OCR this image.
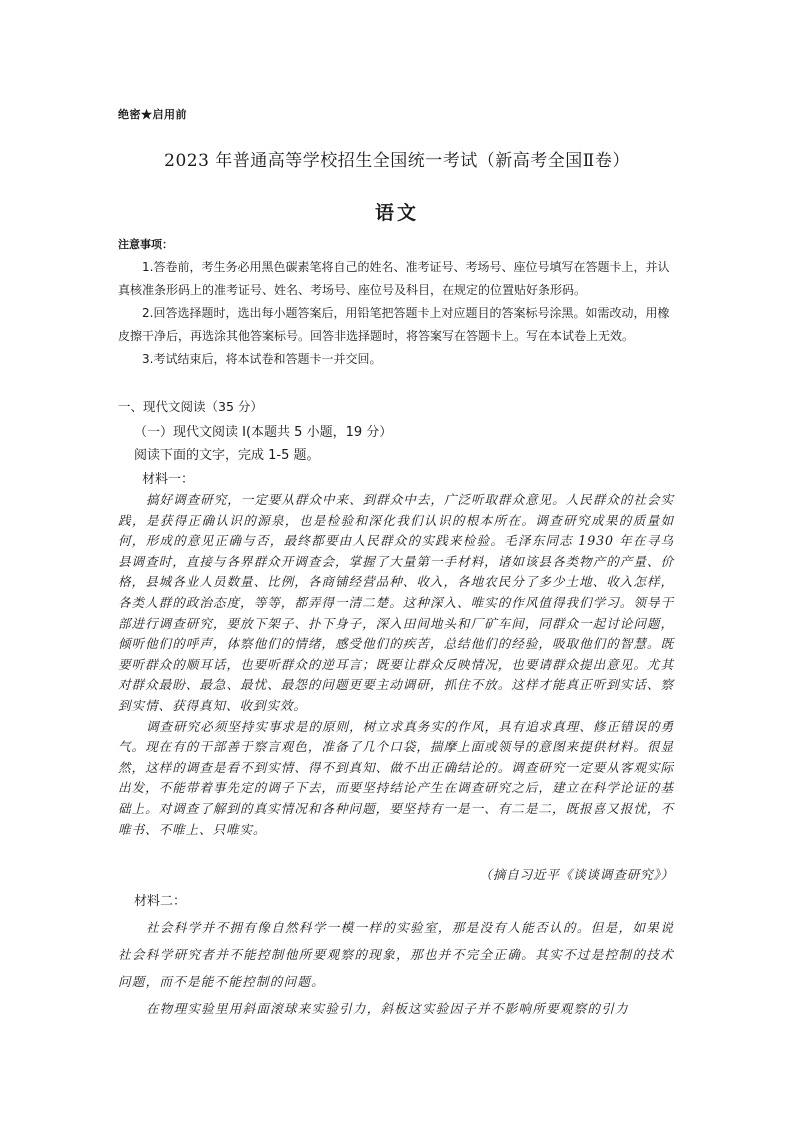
绝密★启用前
2023 年普通高等学校招生全国统一考试（新高考全国Ⅱ卷）
语文
注意事项：

1.答卷前，考生务必用黑色碳素笔将自己的姓名、准考证号、考场号、座位号填写在答题卡上，并认真核准条形码上的准考证号、姓名、考场号、座位号及科目，在规定的位置贴好条形码。

2.回答选择题时，选出每小题答案后，用铅笔把答题卡上对应题目的答案标号涂黑。如需改动，用橡皮擦干净后，再选涂其他答案标号。回答非选择题时，将答案写在答题卡上。写在本试卷上无效。

3.考试结束后，将本试卷和答题卡一并交回。

一、现代文阅读（35 分）
（一）现代文阅读 I(本题共 5 小题，19 分）
阅读下面的文字，完成 1-5 题。
材料一：

搞好调查研究，一定要从群众中来、到群众中去，广泛听取群众意见。人民群众的社会实践，是获得正确认识的源泉，也是检验和深化我们认识的根本所在。调查研究成果的质量如何，形成的意见正确与否，最终都要由人民群众的实践来检验。毛泽东同志 1930 年在寻乌县调查时，直接与各界群众开调查会，掌握了大量第一手材料，诸如该县各类物产的产量、价格，县城各业人员数量、比例，各商铺经营品种、收入，各地农民分了多少土地、收入怎样，各类人群的政治态度，等等，都弄得一清二楚。这种深入、唯实的作风值得我们学习。领导干部进行调查研究，要放下架子、扑下身子，深入田间地头和厂矿车间，同群众一起讨论问题，倾听他们的呼声，体察他们的情绪，感受他们的疾苦，总结他们的经验，吸取他们的智慧。既要听群众的顺耳话，也要听群众的逆耳言；既要让群众反映情况，也要请群众提出意见。尤其对群众最盼、最急、最忧、最怨的问题更要主动调研，抓住不放。这样才能真正听到实话、察到实情、获得真知、收到实效。

调查研究必须坚持实事求是的原则，树立求真务实的作风，具有追求真理、修正错误的勇气。现在有的干部善于察言观色，准备了几个口袋，揣摩上面或领导的意图来提供材料。很显然，这样的调查是看不到实情、得不到真知、做不出正确结论的。调查研究一定要从客观实际出发，不能带着事先定的调子下去，而要坚持结论产生在调查研究之后，建立在科学论证的基础上。对调查了解到的真实情况和各种问题，要坚持有一是一、有二是二，既报喜又报忧，不唯书、不唯上、只唯实。

（摘自习近平《谈谈调查研究》）
材料二：

社会科学并不拥有像自然科学一模一样的实验室，那是没有人能否认的。但是，如果说社会科学研究者并不能控制他所要观察的现象，那也并不完全正确。其实不过是控制的技术问题，而不是能不能控制的问题。

在物理实验里用斜面滚球来实验引力，斜板这实验因子并不影响所要观察的引力
